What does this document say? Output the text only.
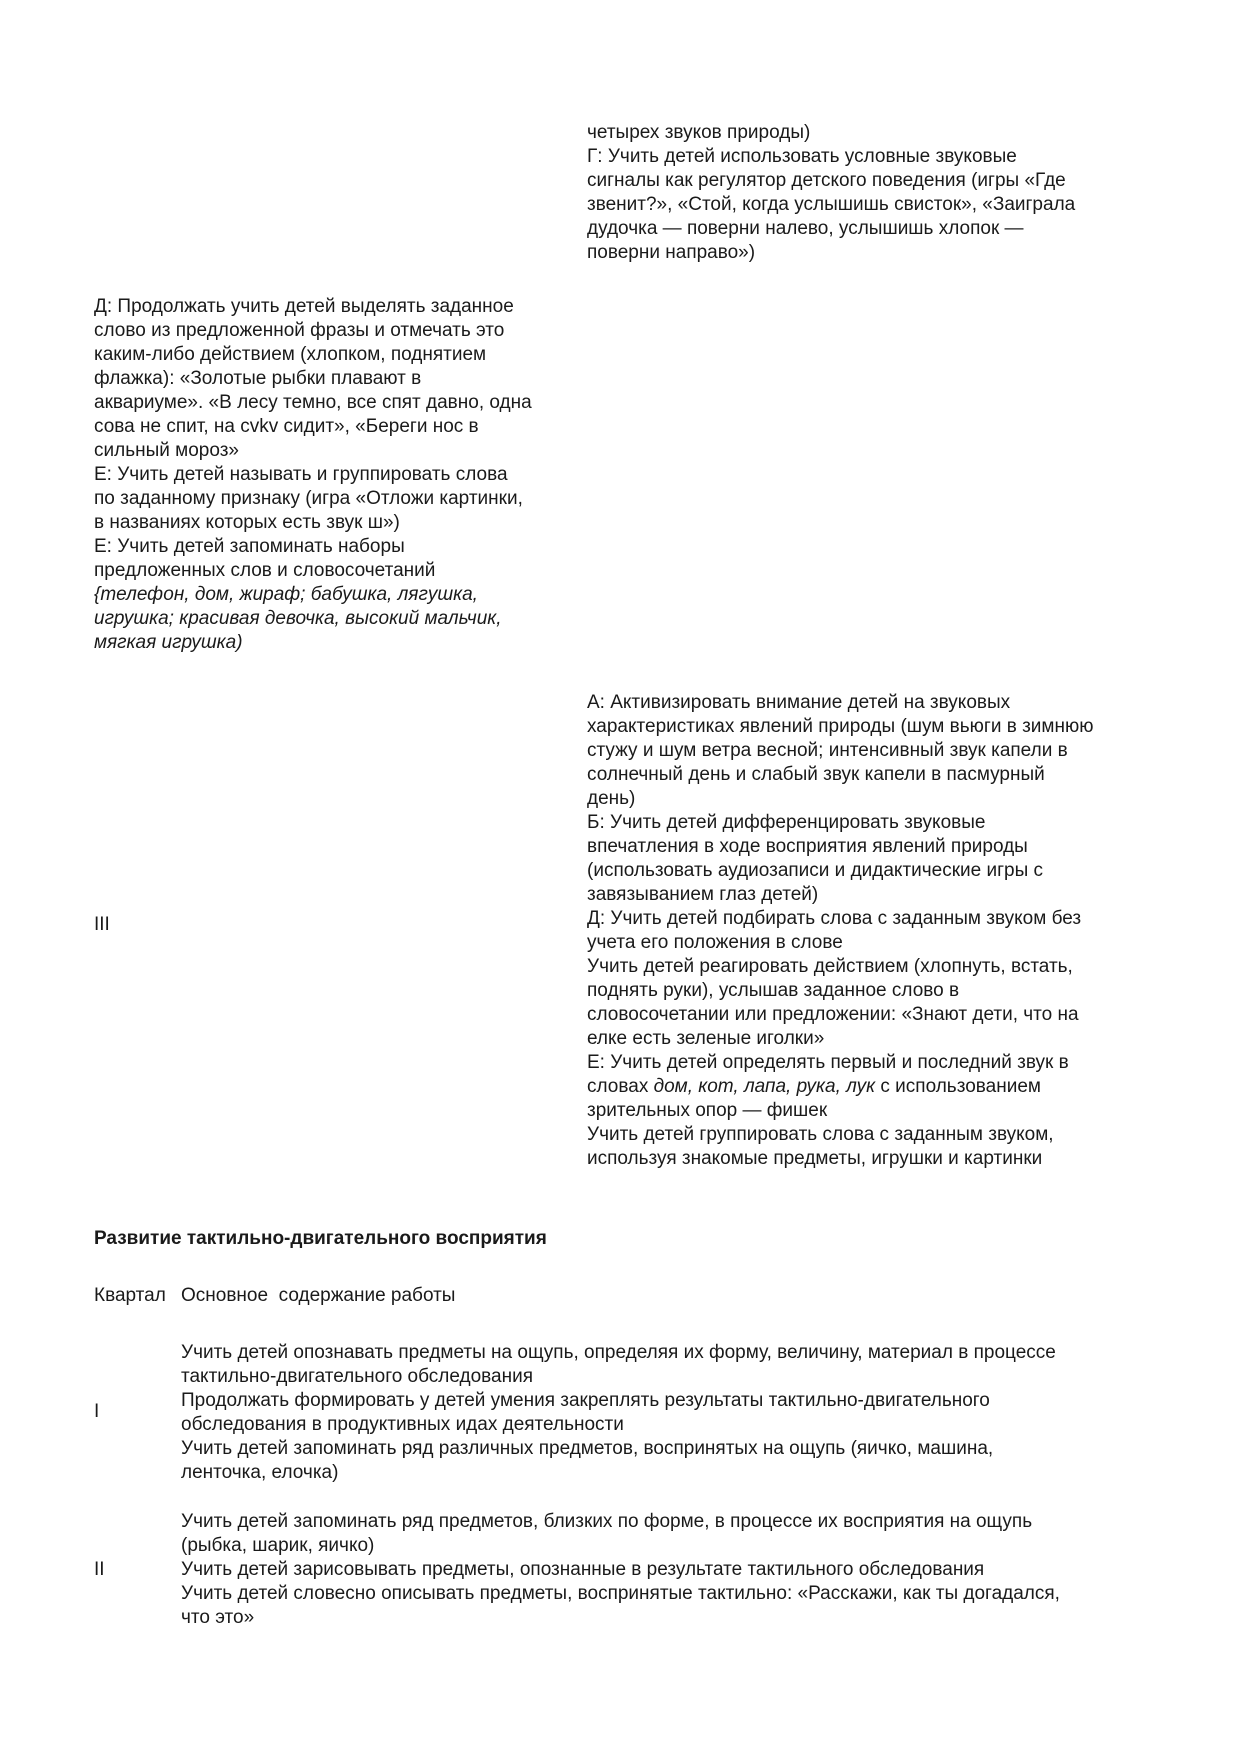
четырех звуков природы)

Г: Учить детей использовать условные звуковые

сигналы как регулятор детского поведения (игры «Где

звенит?», «Стой, когда услышишь свисток», «Заиграла

дудочка — поверни налево, услышишь хлопок —

поверни направо»)

Д: Продолжать учить детей выделять заданное

слово из предложенной фразы и отмечать это

каким-либо действием (хлопком, поднятием

флажка): «Золотые рыбки плавают в

аквариуме». «В лесу темно, все спят давно, одна

сова не спит, на сvkv сидит», «Береги нос в

сильный мороз»

Е: Учить детей называть и группировать слова

по заданному признаку (игра «Отложи картинки,

в названиях которых есть звук ш»)

Е: Учить детей запоминать наборы

предложенных слов и словосочетаний

{телефон, дом, жираф; бабушка, лягушка,

игрушка; красивая девочка, высокий мальчик,

мягкая игрушка)

III

А: Активизировать внимание детей на звуковых

характеристиках явлений природы (шум вьюги в зимнюю

стужу и шум ветра весной; интенсивный звук капели в

солнечный день и слабый звук капели в пасмурный

день)

Б: Учить детей дифференцировать звуковые

впечатления в ходе восприятия явлений природы

(использовать аудиозаписи и дидактические игры с

завязыванием глаз детей)

Д: Учить детей подбирать слова с заданным звуком без

учета его положения в слове

Учить детей реагировать действием (хлопнуть, встать,

поднять руки), услышав заданное слово в

словосочетании или предложении: «Знают дети, что на

елке есть зеленые иголки»

Е: Учить детей определять первый и последний звук в

словах дом, кот, лапа, рука, лук с использованием

зрительных опор — фишек

Учить детей группировать слова с заданным звуком,

используя знакомые предметы, игрушки и картинки

Развитие тактильно-двигательного восприятия
Квартал Основное  содержание работы
I

Учить детей опознавать предметы на ощупь, определяя их форму, величину, материал в процессе

тактильно-двигательного обследования

Продолжать формировать у детей умения закреплять результаты тактильно-двигательного

обследования в продуктивных идах деятельности

Учить детей запоминать ряд различных предметов, воспринятых на ощупь (яичко, машина,

ленточка, елочка)

II

Учить детей запоминать ряд предметов, близких по форме, в процессе их восприятия на ощупь

(рыбка, шарик, яичко)

Учить детей зарисовывать предметы, опознанные в результате тактильного обследования

Учить детей словесно описывать предметы, воспринятые тактильно: «Расскажи, как ты догадался,

что это»
